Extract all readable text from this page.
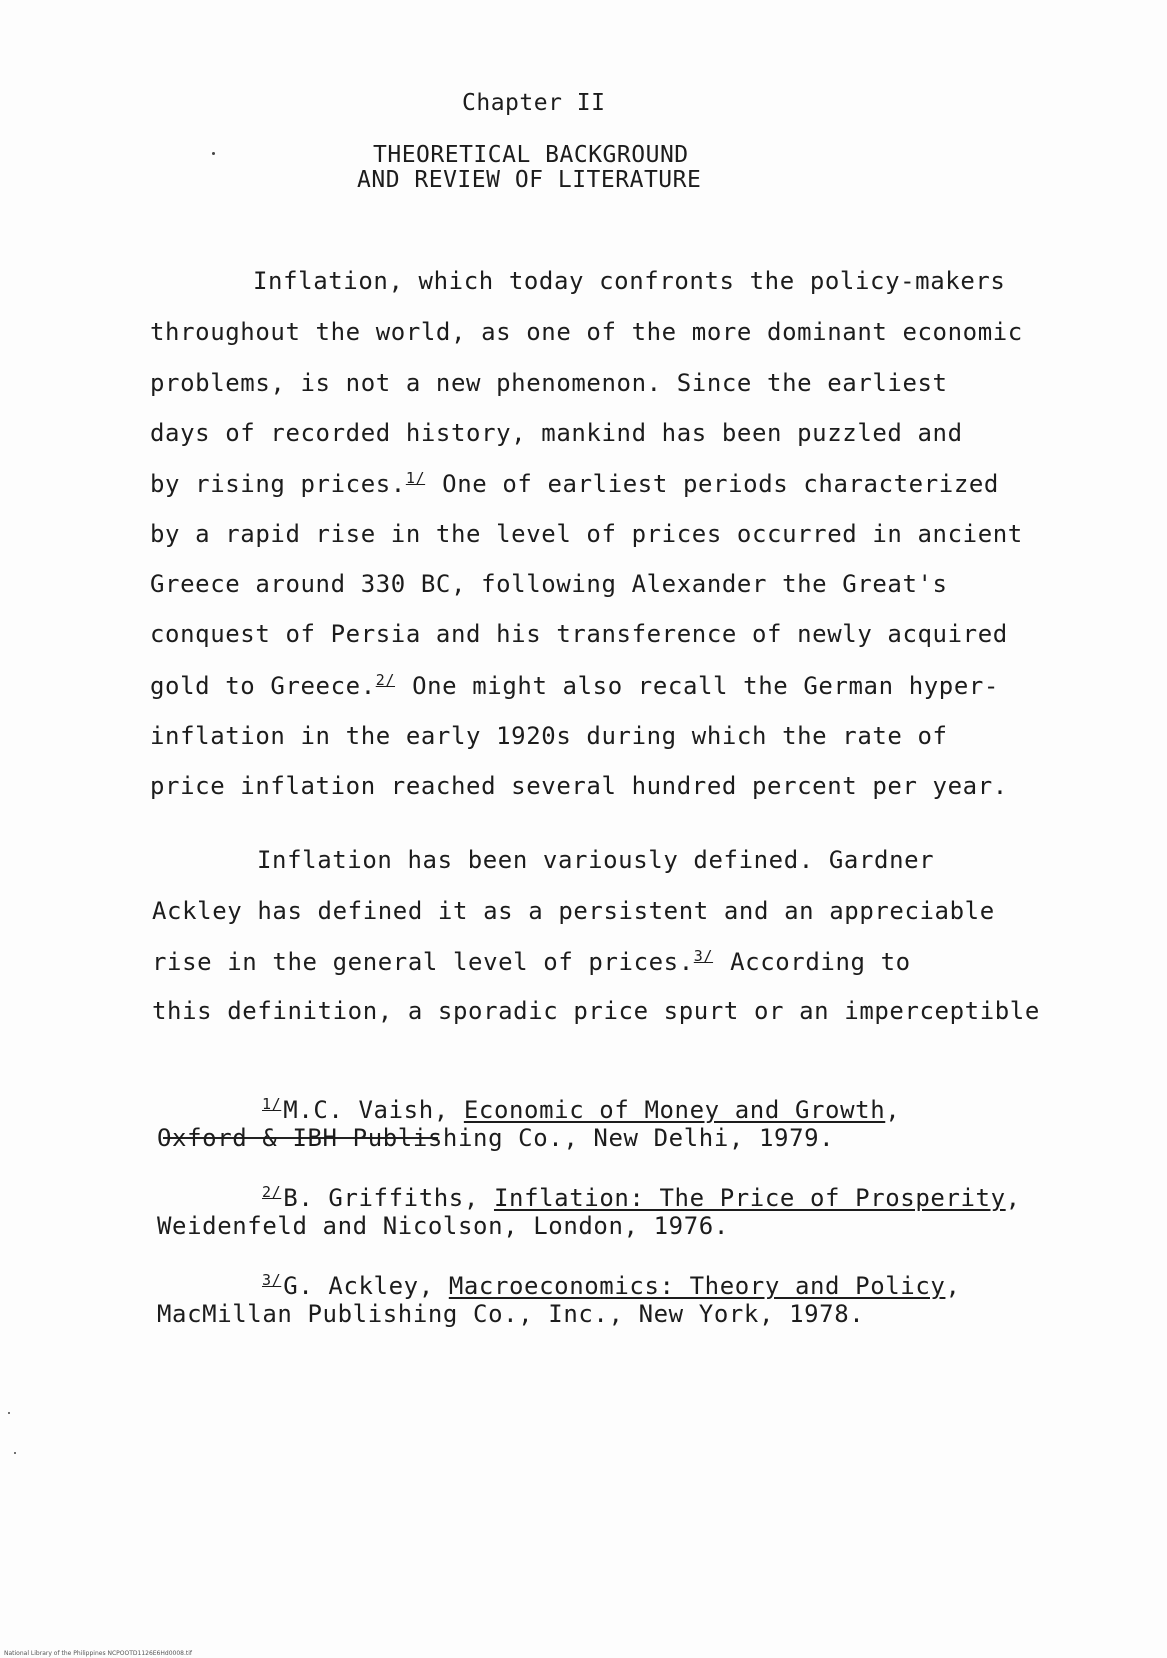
Chapter II
THEORETICAL BACKGROUND
AND REVIEW OF LITERATURE
Inflation, which today confronts the policy-makers
throughout the world, as one of the more dominant economic
problems, is not a new phenomenon. Since the earliest
days of recorded history, mankind has been puzzled and
by rising prices.$^{1/}$ One of earliest periods characterized
by a rapid rise in the level of prices occurred in ancient
Greece around 330 BC, following Alexander the Great's
conquest of Persia and his transference of newly acquired
gold to Greece.$^{2/}$ One might also recall the German hyper-
inflation in the early 1920s during which the rate of
price inflation reached several hundred percent per year.
Inflation has been variously defined. Gardner
Ackley has defined it as a persistent and an appreciable
rise in the general level of prices.$^{3/}$ According to
this definition, a sporadic price spurt or an imperceptible
$^{1/}$M.C. Vaish, Economic of Money and Growth,
Oxford & IBH Publishing Co., New Delhi, 1979.
$^{2/}$B. Griffiths, Inflation: The Price of Prosperity,
Weidenfeld and Nicolson, London, 1976.
$^{3/}$G. Ackley, Macroeconomics: Theory and Policy,
MacMillan Publishing Co., Inc., New York, 1978.
National Library of the Philippines NCPOOTD1126E6Hd0008.tif
